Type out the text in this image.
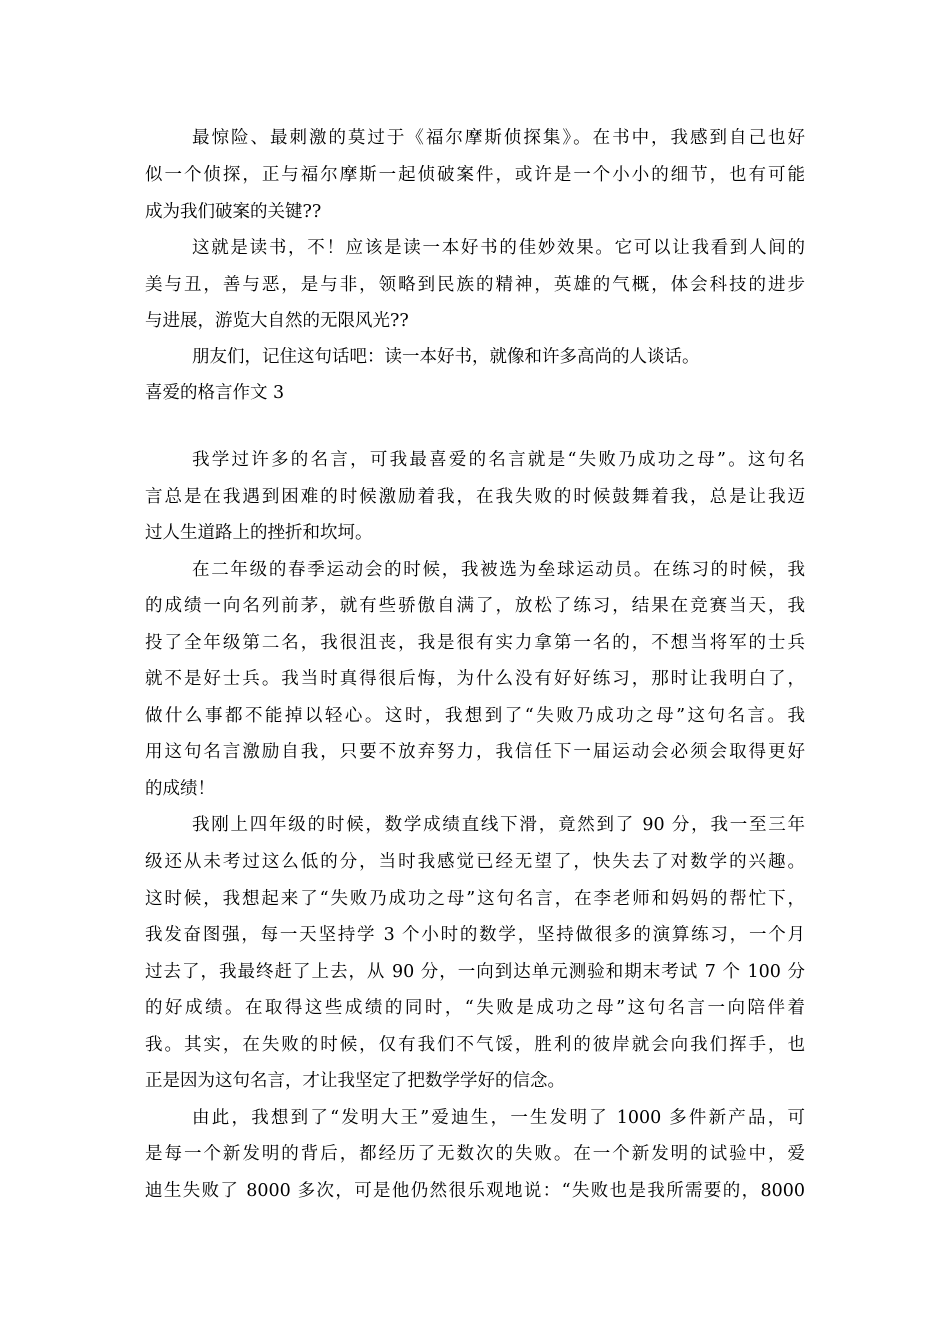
最惊险、最刺激的莫过于《福尔摩斯侦探集》。在书中，我感到自己也好
似一个侦探，正与福尔摩斯一起侦破案件，或许是一个小小的细节，也有可能
成为我们破案的关键??
这就是读书，不！应该是读一本好书的佳妙效果。它可以让我看到人间的
美与丑，善与恶，是与非，领略到民族的精神，英雄的气概，体会科技的进步
与进展，游览大自然的无限风光??
朋友们，记住这句话吧：读一本好书，就像和许多高尚的人谈话。
喜爱的格言作文 3
我学过许多的名言，可我最喜爱的名言就是“失败乃成功之母”。这句名
言总是在我遇到困难的时候激励着我，在我失败的时候鼓舞着我，总是让我迈
过人生道路上的挫折和坎坷。
在二年级的春季运动会的时候，我被选为垒球运动员。在练习的时候，我
的成绩一向名列前茅，就有些骄傲自满了，放松了练习，结果在竞赛当天，我
投了全年级第二名，我很沮丧，我是很有实力拿第一名的，不想当将军的士兵
就不是好士兵。我当时真得很后悔，为什么没有好好练习，那时让我明白了，
做什么事都不能掉以轻心。这时，我想到了“失败乃成功之母”这句名言。我
用这句名言激励自我，只要不放弃努力，我信任下一届运动会必须会取得更好
的成绩！
我刚上四年级的时候，数学成绩直线下滑，竟然到了 90 分，我一至三年
级还从未考过这么低的分，当时我感觉已经无望了，快失去了对数学的兴趣。
这时候，我想起来了“失败乃成功之母”这句名言，在李老师和妈妈的帮忙下，
我发奋图强，每一天坚持学 3 个小时的数学，坚持做很多的演算练习，一个月
过去了，我最终赶了上去，从 90 分，一向到达单元测验和期末考试 7 个 100 分
的好成绩。在取得这些成绩的同时，“失败是成功之母”这句名言一向陪伴着
我。其实，在失败的时候，仅有我们不气馁，胜利的彼岸就会向我们挥手，也
正是因为这句名言，才让我坚定了把数学学好的信念。
由此，我想到了“发明大王”爱迪生，一生发明了 1000 多件新产品，可
是每一个新发明的背后，都经历了无数次的失败。在一个新发明的试验中，爱
迪生失败了 8000 多次，可是他仍然很乐观地说：“失败也是我所需要的，8000
